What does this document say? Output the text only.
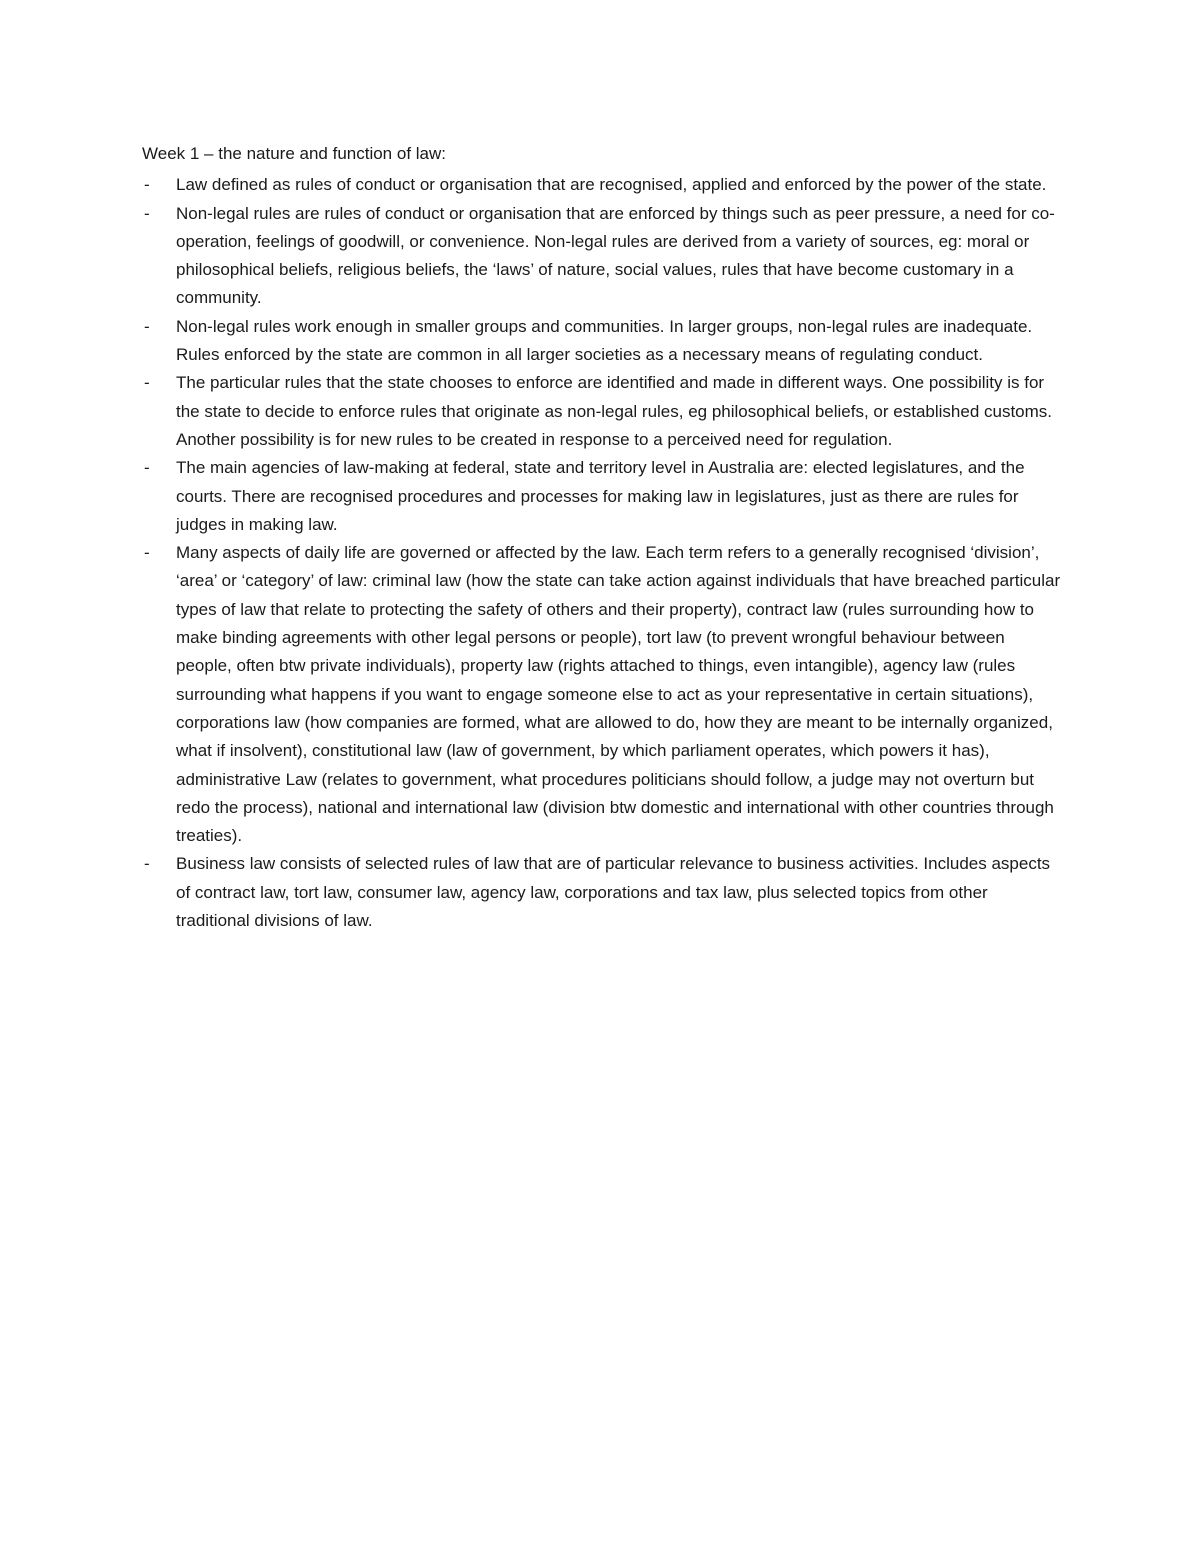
Week 1 – the nature and function of law:

- Law defined as rules of conduct or organisation that are recognised, applied and enforced by the power of the state.
- Non-legal rules are rules of conduct or organisation that are enforced by things such as peer pressure, a need for co-operation, feelings of goodwill, or convenience. Non-legal rules are derived from a variety of sources, eg: moral or philosophical beliefs, religious beliefs, the ‘laws’ of nature, social values, rules that have become customary in a community.
- Non-legal rules work enough in smaller groups and communities. In larger groups, non-legal rules are inadequate. Rules enforced by the state are common in all larger societies as a necessary means of regulating conduct.
- The particular rules that the state chooses to enforce are identified and made in different ways. One possibility is for the state to decide to enforce rules that originate as non-legal rules, eg philosophical beliefs, or established customs. Another possibility is for new rules to be created in response to a perceived need for regulation.
- The main agencies of law-making at federal, state and territory level in Australia are: elected legislatures, and the courts. There are recognised procedures and processes for making law in legislatures, just as there are rules for judges in making law.
- Many aspects of daily life are governed or affected by the law. Each term refers to a generally recognised ‘division’, ‘area’ or ‘category’ of law: criminal law (how the state can take action against individuals that have breached particular types of law that relate to protecting the safety of others and their property), contract law (rules surrounding how to make binding agreements with other legal persons or people), tort law (to prevent wrongful behaviour between people, often btw private individuals), property law (rights attached to things, even intangible), agency law (rules surrounding what happens if you want to engage someone else to act as your representative in certain situations), corporations law (how companies are formed, what are allowed to do, how they are meant to be internally organized, what if insolvent), constitutional law (law of government, by which parliament operates, which powers it has), administrative Law (relates to government, what procedures politicians should follow, a judge may not overturn but redo the process), national and international law (division btw domestic and international with other countries through treaties).
- Business law consists of selected rules of law that are of particular relevance to business activities. Includes aspects of contract law, tort law, consumer law, agency law, corporations and tax law, plus selected topics from other traditional divisions of law.
